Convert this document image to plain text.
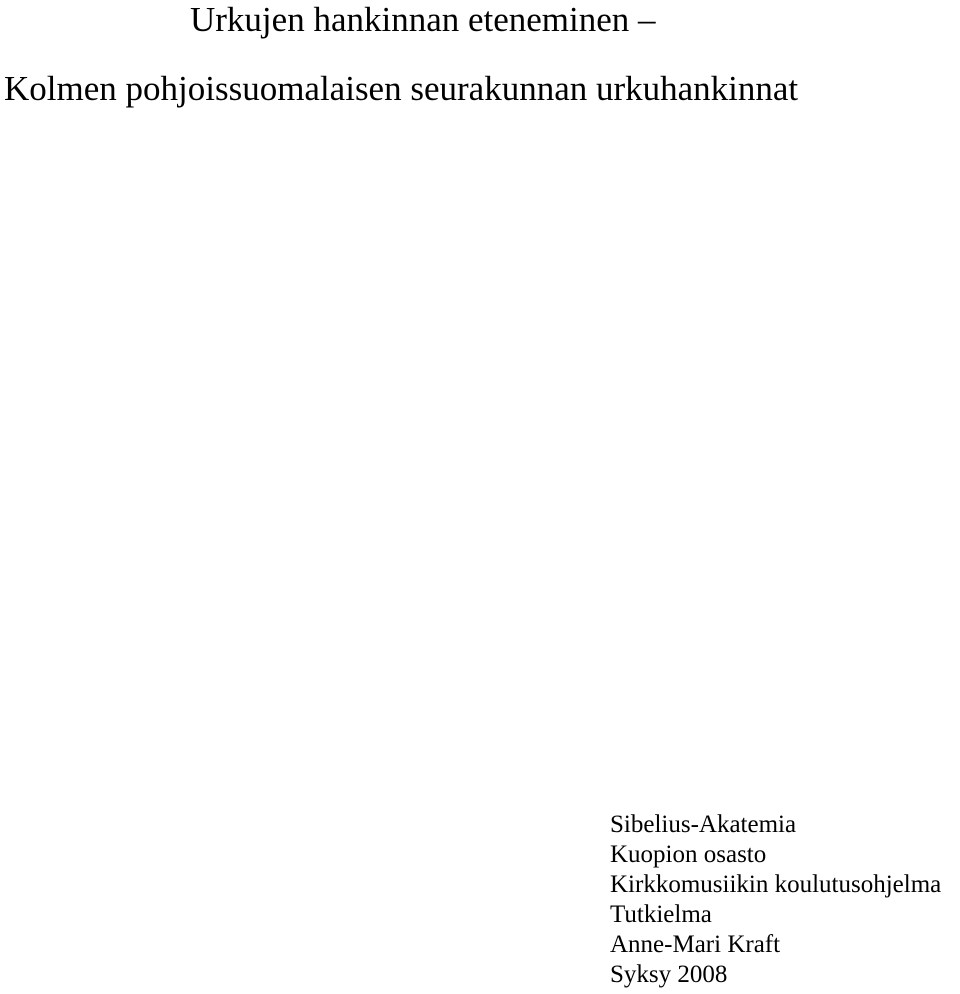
Urkujen hankinnan eteneminen –
Kolmen pohjoissuomalaisen seurakunnan urkuhankinnat
Sibelius-Akatemia
Kuopion osasto
Kirkkomusiikin koulutusohjelma
Tutkielma
Anne-Mari Kraft
Syksy 2008
